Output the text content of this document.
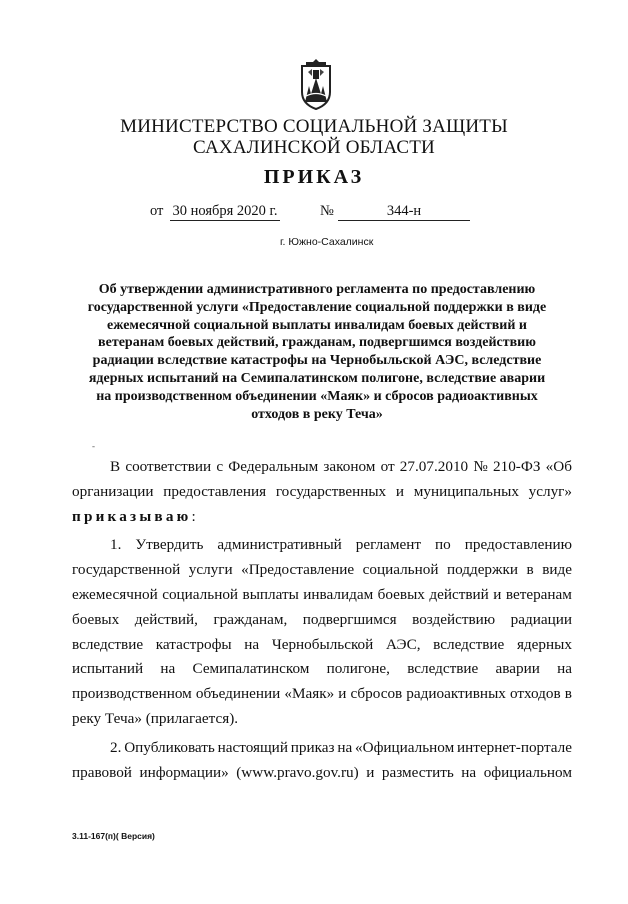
МИНИСТЕРСТВО СОЦИАЛЬНОЙ ЗАЩИТЫ
САХАЛИНСКОЙ ОБЛАСТИ
ПРИКАЗ
от 30 ноября 2020 г.	№	344-н
г. Южно-Сахалинск
Об утверждении административного регламента по предоставлению
государственной услуги «Предоставление социальной поддержки в виде
ежемесячной социальной выплаты инвалидам боевых действий и
ветеранам боевых действий, гражданам, подвергшимся воздействию
радиации вследствие катастрофы на Чернобыльской АЭС, вследствие
ядерных испытаний на Семипалатинском полигоне, вследствие аварии
на производственном объединении «Маяк» и сбросов радиоактивных
отходов в реку Теча»
-
В соответствии с Федеральным законом от 27.07.2010 № 210-ФЗ «Об
организации предоставления государственных и муниципальных услуг»
приказываю :
1. Утвердить административный регламент по предоставлению
государственной услуги «Предоставление социальной поддержки в виде
ежемесячной социальной выплаты инвалидам боевых действий и ветеранам
боевых действий, гражданам, подвергшимся воздействию радиации
вследствие катастрофы на Чернобыльской АЭС, вследствие ядерных
испытаний на Семипалатинском полигоне, вследствие аварии на
производственном объединении «Маяк» и сбросов радиоактивных отходов в
реку Теча» (прилагается).
2. Опубликовать настоящий приказ на «Официальном интернет-портале
правовой информации» (www.pravo.gov.ru) и разместить на официальном
3.11-167(п)( Версия)
